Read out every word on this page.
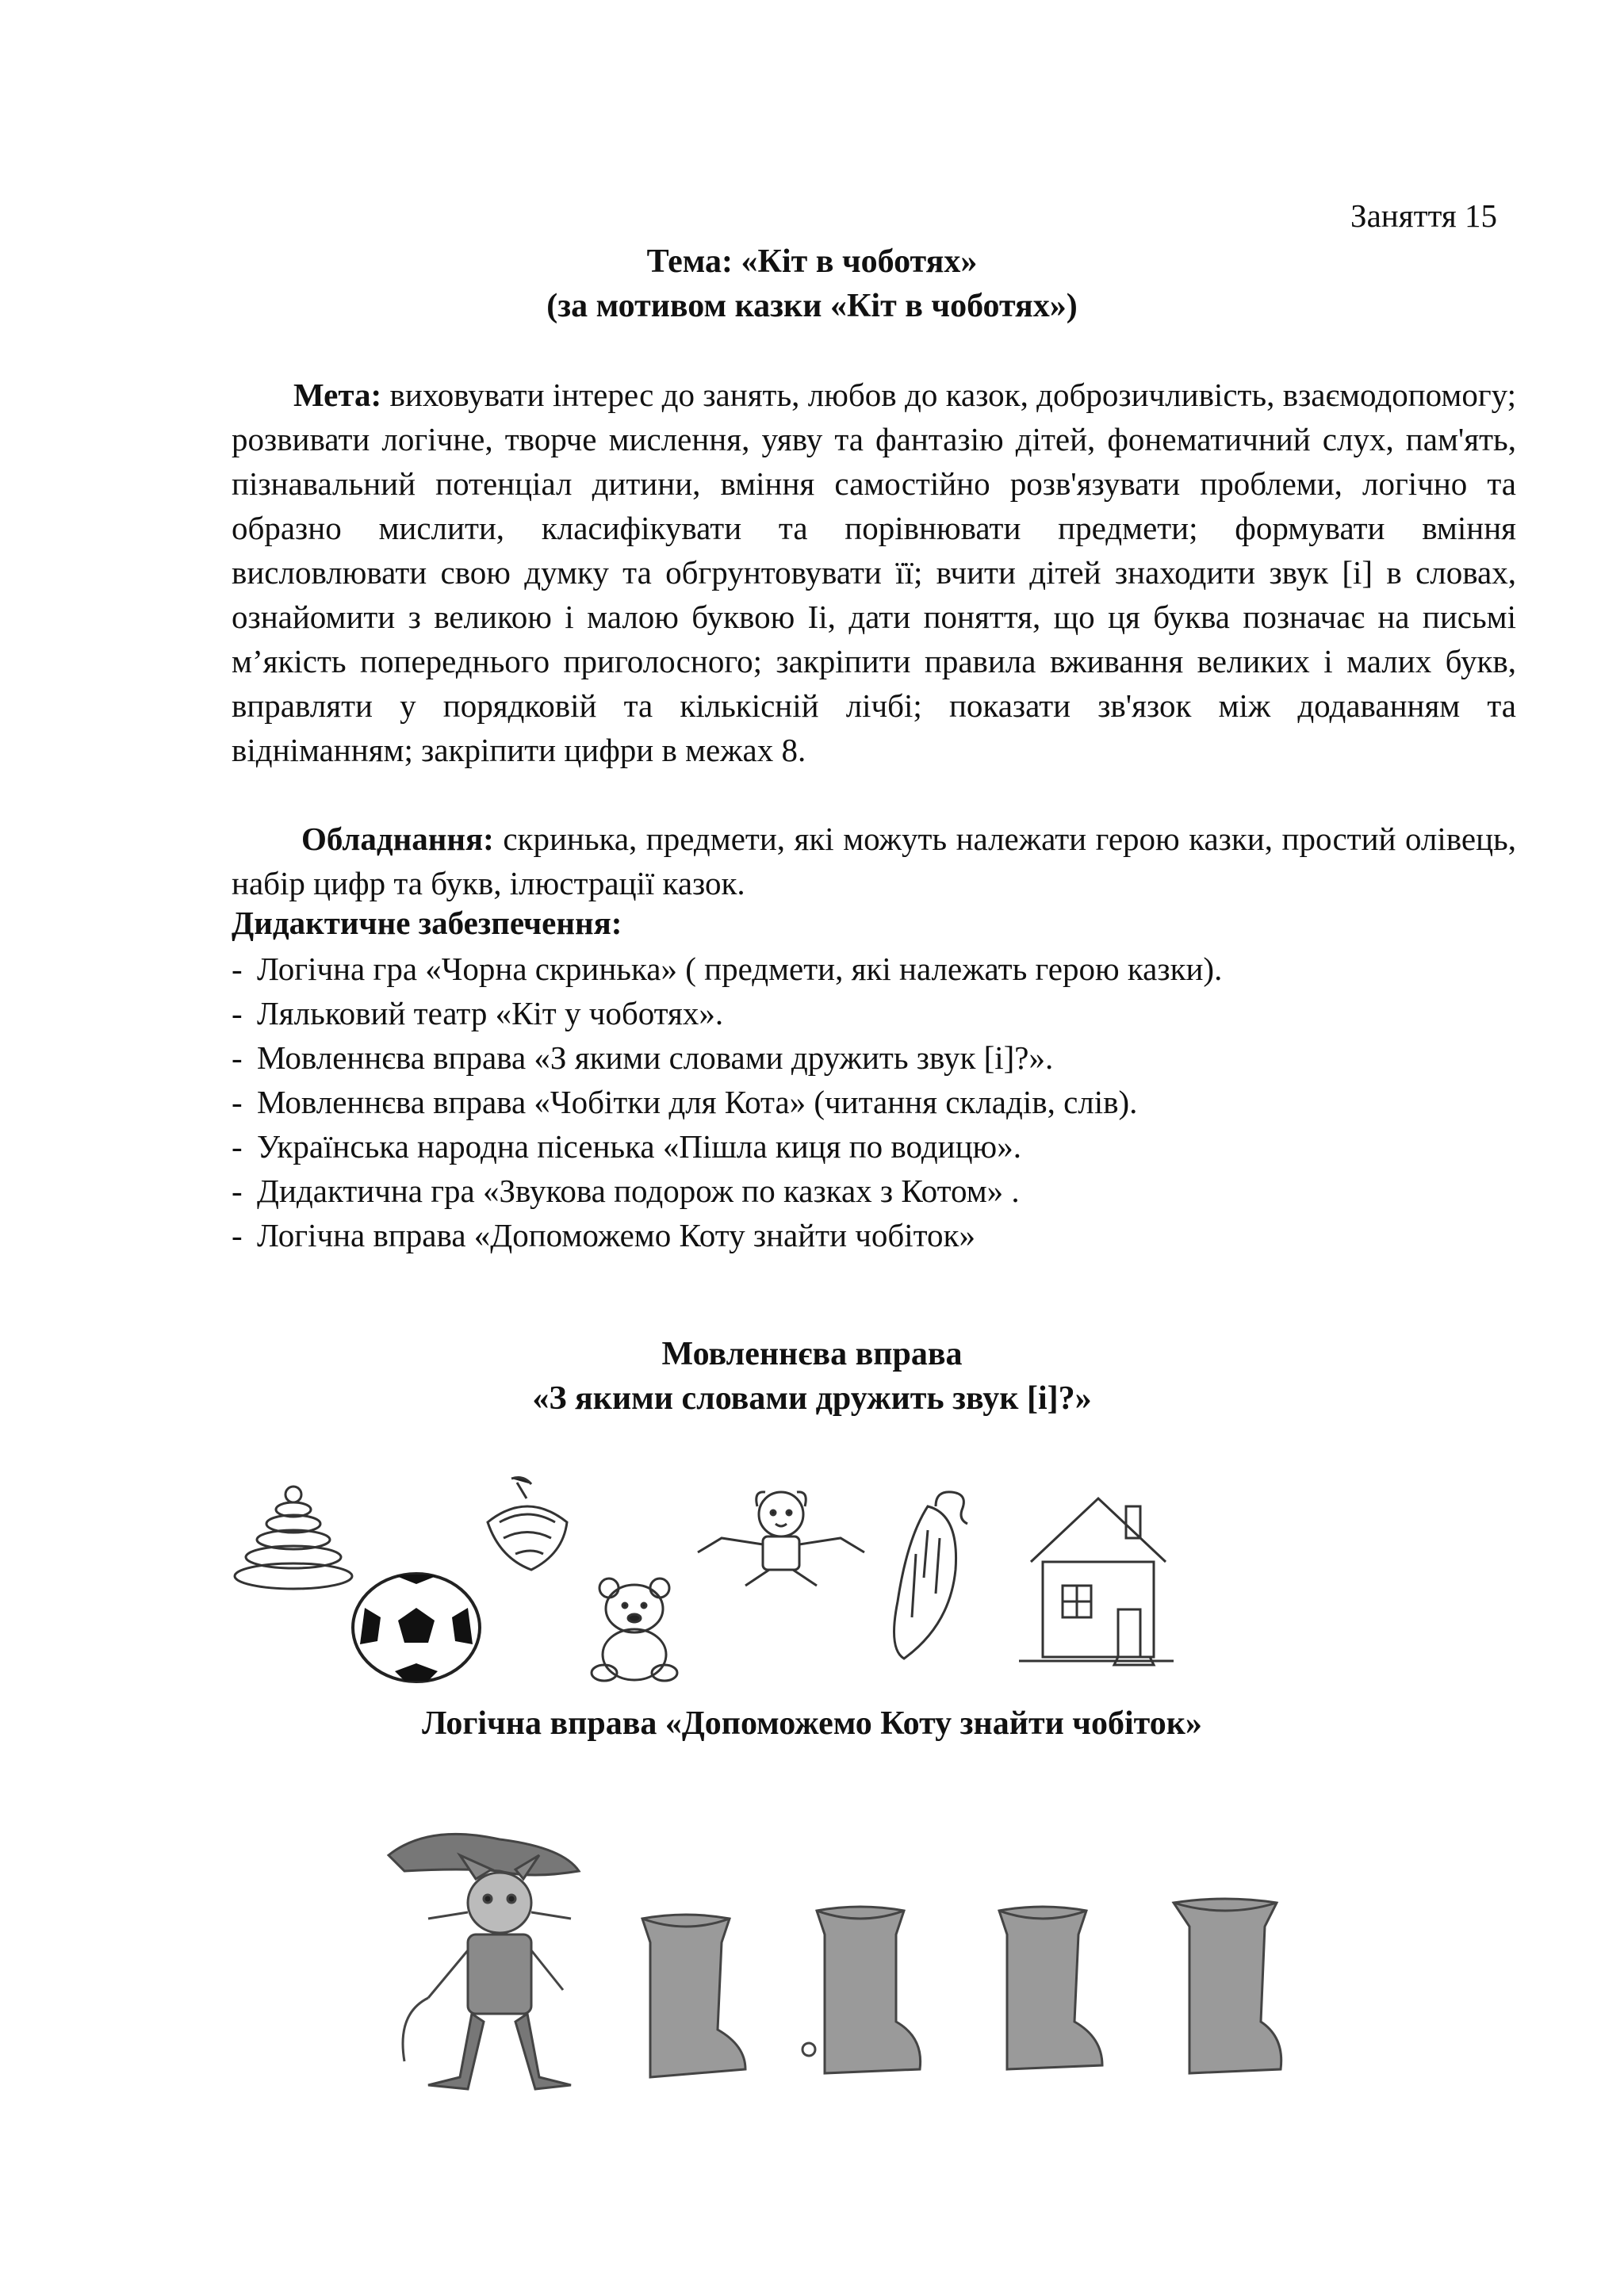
Заняття 15
Тема: «Кіт в чоботях»
(за мотивом казки «Кіт в чоботях»)

Мета: виховувати інтерес до занять, любов до казок, доброзичливість, взаємодопомогу; розвивати логічне, творче мислення, уяву та фантазію дітей, фонематичний слух, пам'ять, пізнавальний потенціал дитини, вміння самостійно розв'язувати проблеми, логічно та образно мислити, класифікувати та порівнювати предмети; формувати вміння висловлювати свою думку та обгрунтовувати її; вчити дітей знаходити звук [і] в словах, ознайомити з великою і малою буквою Іі, дати поняття, що ця буква позначає на письмі м’якість попереднього приголосного; закріпити правила вживання великих і малих букв, вправляти у порядковій та кількісній лічбі; показати зв'язок між додаванням та відніманням; закріпити цифри в межах 8.

Обладнання: скринька, предмети, які можуть належати герою казки, простий олівець, набір цифр та букв, ілюстрації казок.

Дидактичне забезпечення:
- Логічна гра «Чорна скринька» ( предмети, які належать герою казки).
- Ляльковий театр «Кіт у чоботях».
- Мовленнєва вправа «З якими словами дружить звук [і]?».
- Мовленнєва вправа «Чобітки для Кота» (читання складів, слів).
- Українська народна пісенька «Пішла киця по водицю».
- Дидактична гра «Звукова подорож по казках з Котом» .
- Логічна вправа «Допоможемо Коту знайти чобіток»
Мовленнєва вправа
«З якими словами дружить звук [і]?»
Логічна вправа «Допоможемо Коту знайти чобіток»
